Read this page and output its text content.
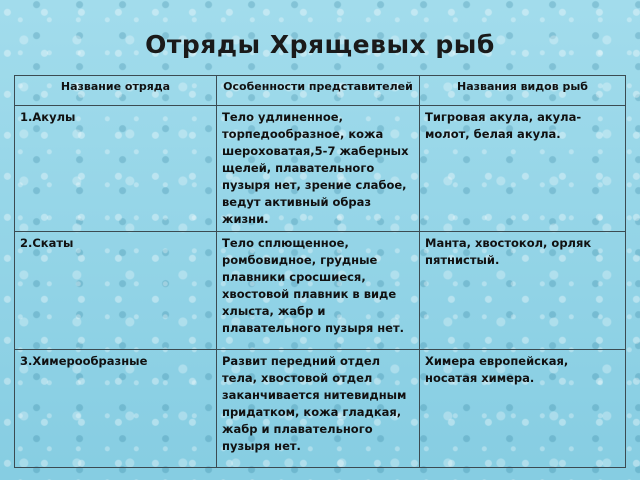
Отряды Хрящевых рыб
Название отряда	Особенности представителей	Названия видов рыб
1.Акулы	Тело удлиненное, торпедообразное, кожа шероховатая,5-7 жаберных щелей, плавательного пузыря нет, зрение слабое, ведут активный образ жизни.	Тигровая акула, акула-молот, белая акула.
2.Скаты	Тело сплющенное, ромбовидное, грудные плавники сросшиеся, хвостовой плавник в виде хлыста, жабр и плавательного пузыря нет.	Манта, хвостокол, орляк пятнистый.
3.Химерообразные	Развит передний отдел тела, хвостовой отдел заканчивается нитевидным придатком, кожа гладкая, жабр и плавательного пузыря нет.	Химера европейская, носатая химера.
